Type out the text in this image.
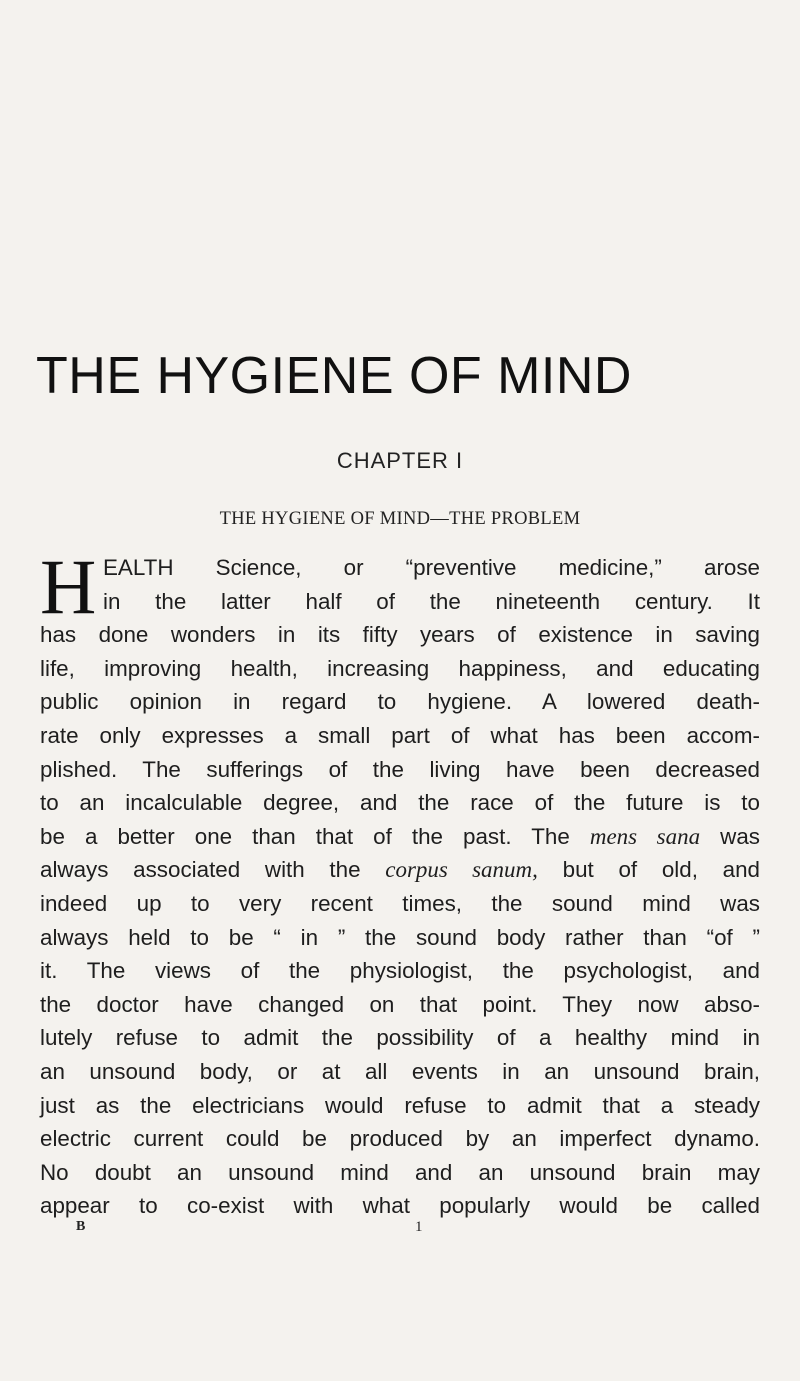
THE HYGIENE OF MIND
CHAPTER I
THE HYGIENE OF MIND—THE PROBLEM
H EALTH Science, or “preventive medicine,” arose
in the latter half of the nineteenth century. It
has done wonders in its fifty years of existence in saving
life, improving health, increasing happiness, and educating
public opinion in regard to hygiene. A lowered death-
rate only expresses a small part of what has been accom-
plished. The sufferings of the living have been decreased
to an incalculable degree, and the race of the future is to
be a better one than that of the past. The mens sana was
always associated with the corpus sanum, but of old, and
indeed up to very recent times, the sound mind was
always held to be “ in ” the sound body rather than “of ”
it. The views of the physiologist, the psychologist, and
the doctor have changed on that point. They now abso-
lutely refuse to admit the possibility of a healthy mind in
an unsound body, or at all events in an unsound brain,
just as the electricians would refuse to admit that a steady
electric current could be produced by an imperfect dynamo.
No doubt an unsound mind and an unsound brain may
appear to co-exist with what popularly would be called
B	1
